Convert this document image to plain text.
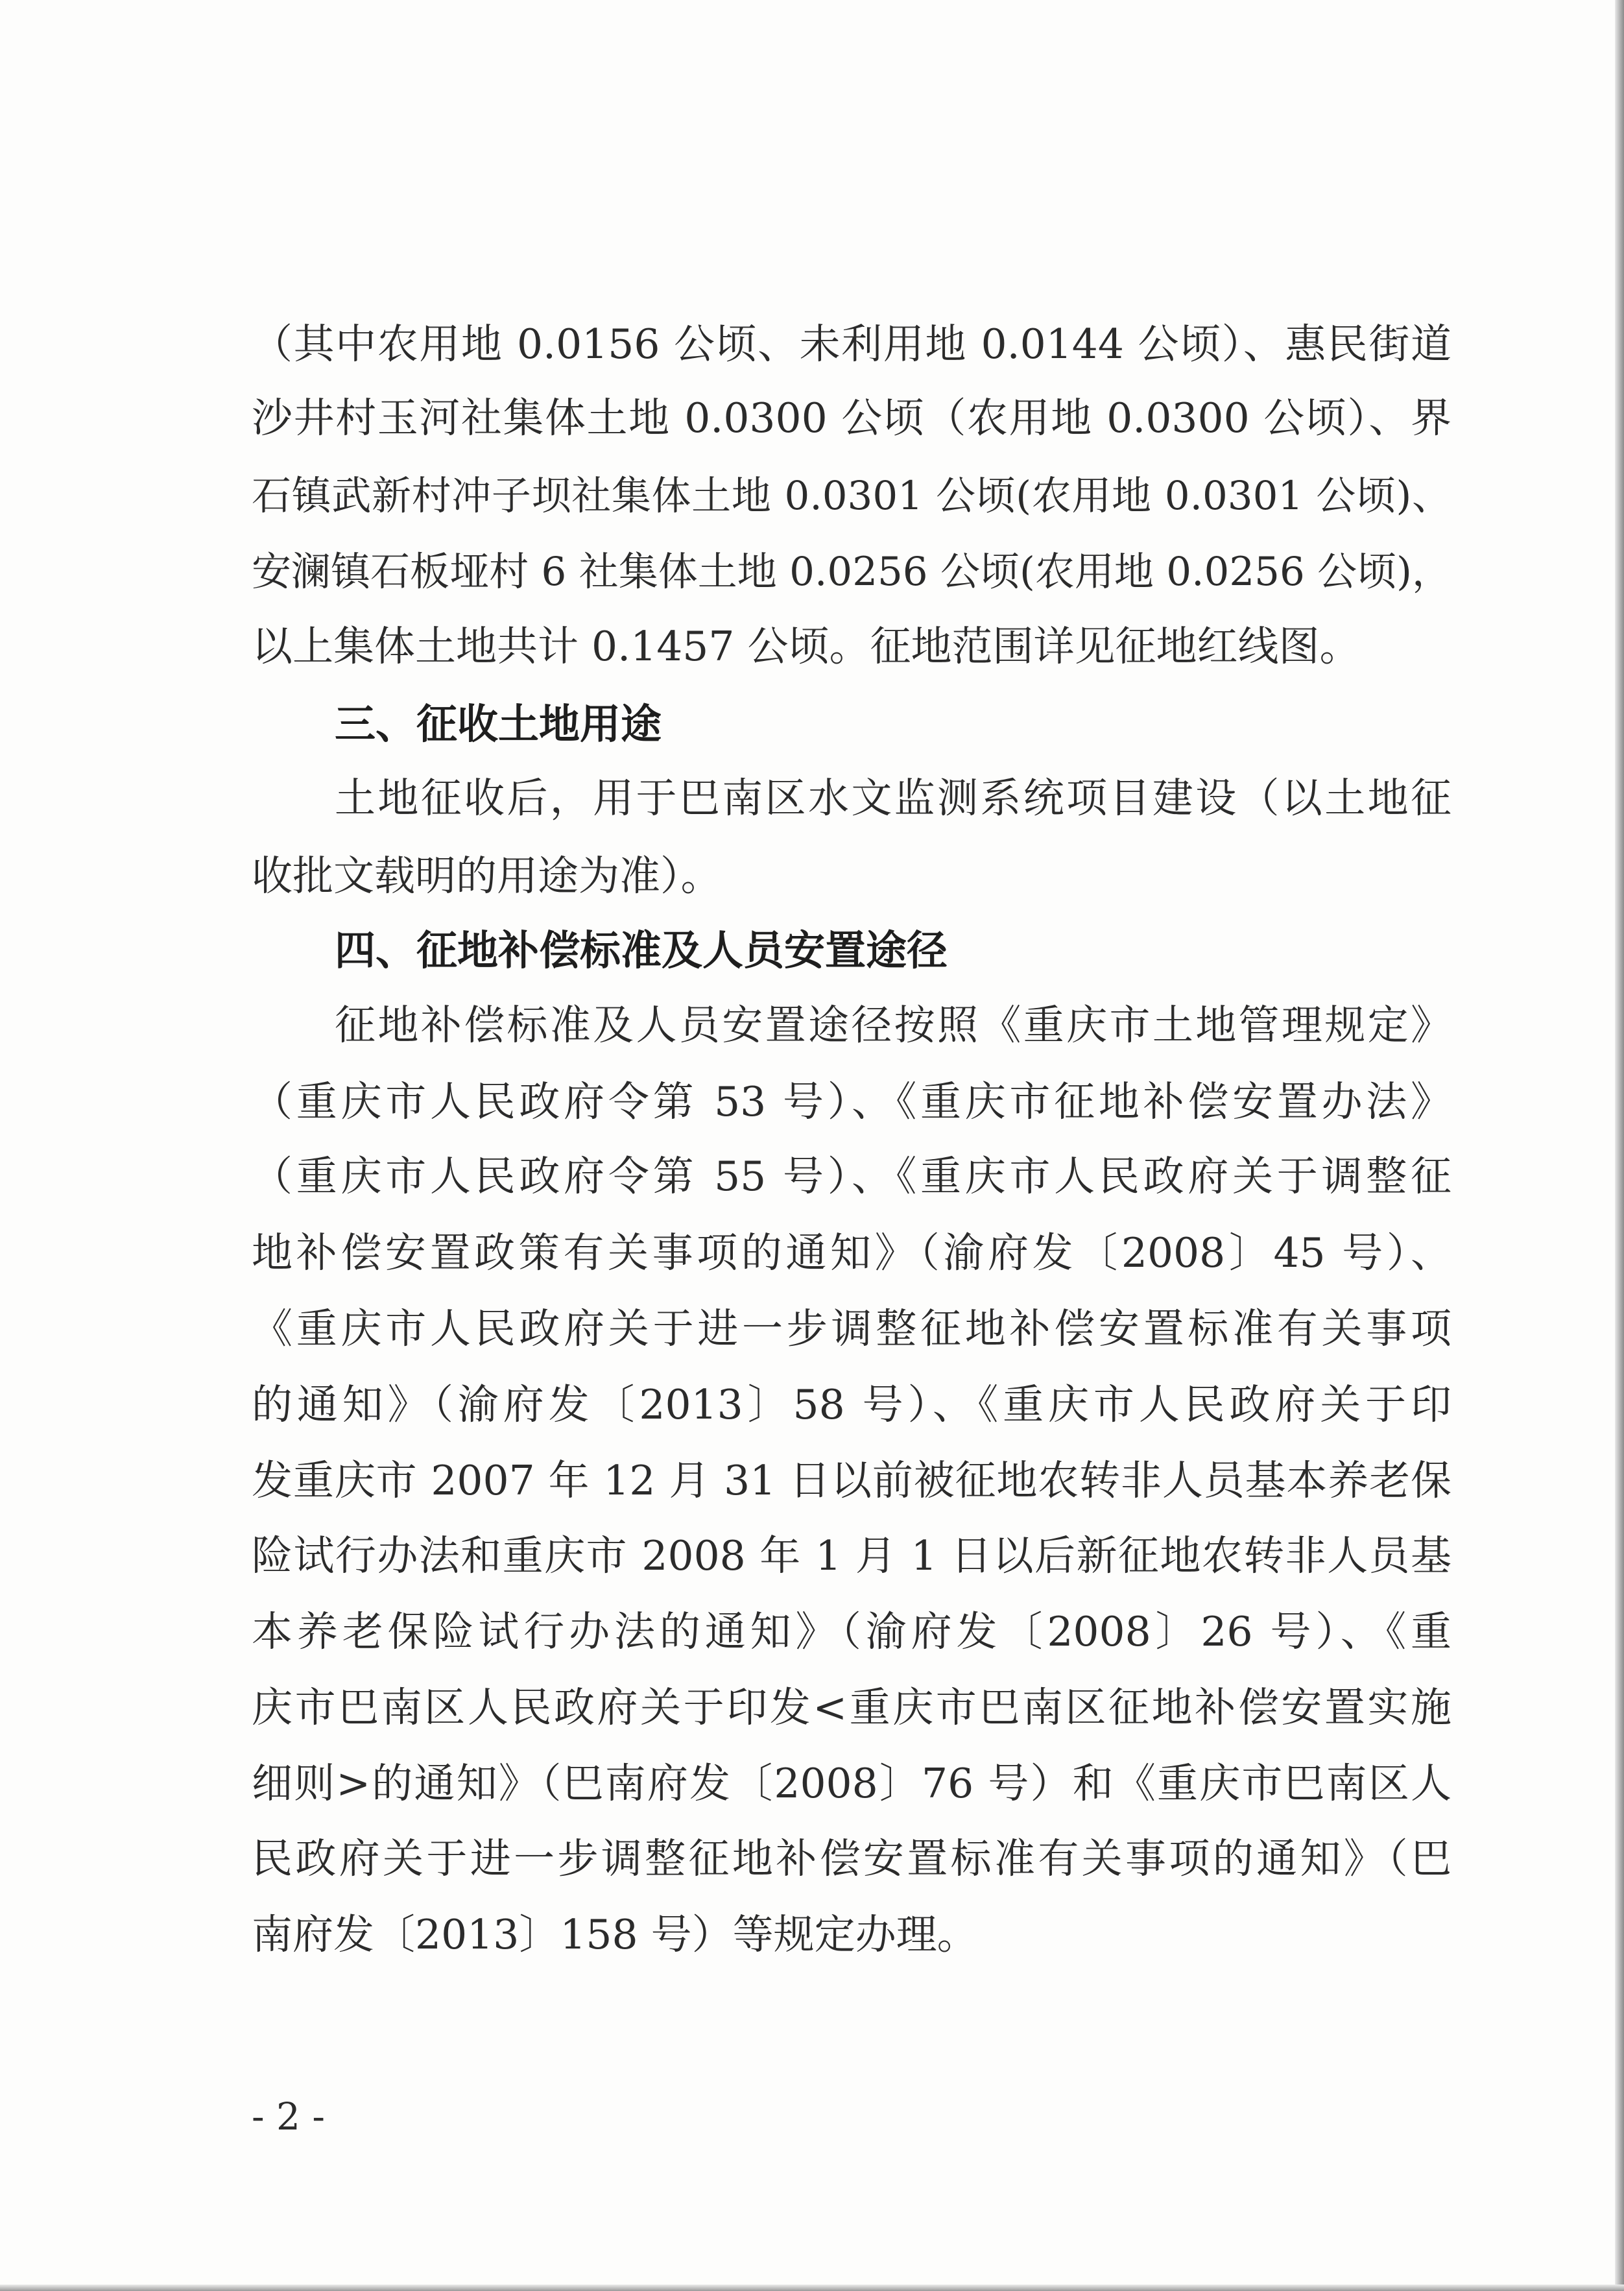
（其中农用地 0.0156 公顷、未利用地 0.0144 公顷）、惠民街道
沙井村玉河社集体土地 0.0300 公顷（农用地 0.0300 公顷）、界
石镇武新村冲子坝社集体土地 0.0301 公顷(农用地 0.0301 公顷)、
安澜镇石板垭村 6 社集体土地 0.0256 公顷(农用地 0.0256 公顷)，
以上集体土地共计 0.1457 公顷。征地范围详见征地红线图。
三、征收土地用途
土地征收后，用于巴南区水文监测系统项目建设（以土地征
收批文载明的用途为准）。
四、征地补偿标准及人员安置途径
征地补偿标准及人员安置途径按照《重庆市土地管理规定》
（重庆市人民政府令第 53 号）、《重庆市征地补偿安置办法》
（重庆市人民政府令第 55 号）、《重庆市人民政府关于调整征
地补偿安置政策有关事项的通知》（渝府发〔2008〕45 号）、
《重庆市人民政府关于进一步调整征地补偿安置标准有关事项
的通知》（渝府发〔2013〕58 号）、《重庆市人民政府关于印
发重庆市 2007 年 12 月 31 日以前被征地农转非人员基本养老保
险试行办法和重庆市 2008 年 1 月 1 日以后新征地农转非人员基
本养老保险试行办法的通知》（渝府发〔2008〕26 号）、《重
庆市巴南区人民政府关于印发<重庆市巴南区征地补偿安置实施
细则>的通知》（巴南府发〔2008〕76 号）和《重庆市巴南区人
民政府关于进一步调整征地补偿安置标准有关事项的通知》（巴
南府发〔2013〕158 号）等规定办理。
- 2 -
